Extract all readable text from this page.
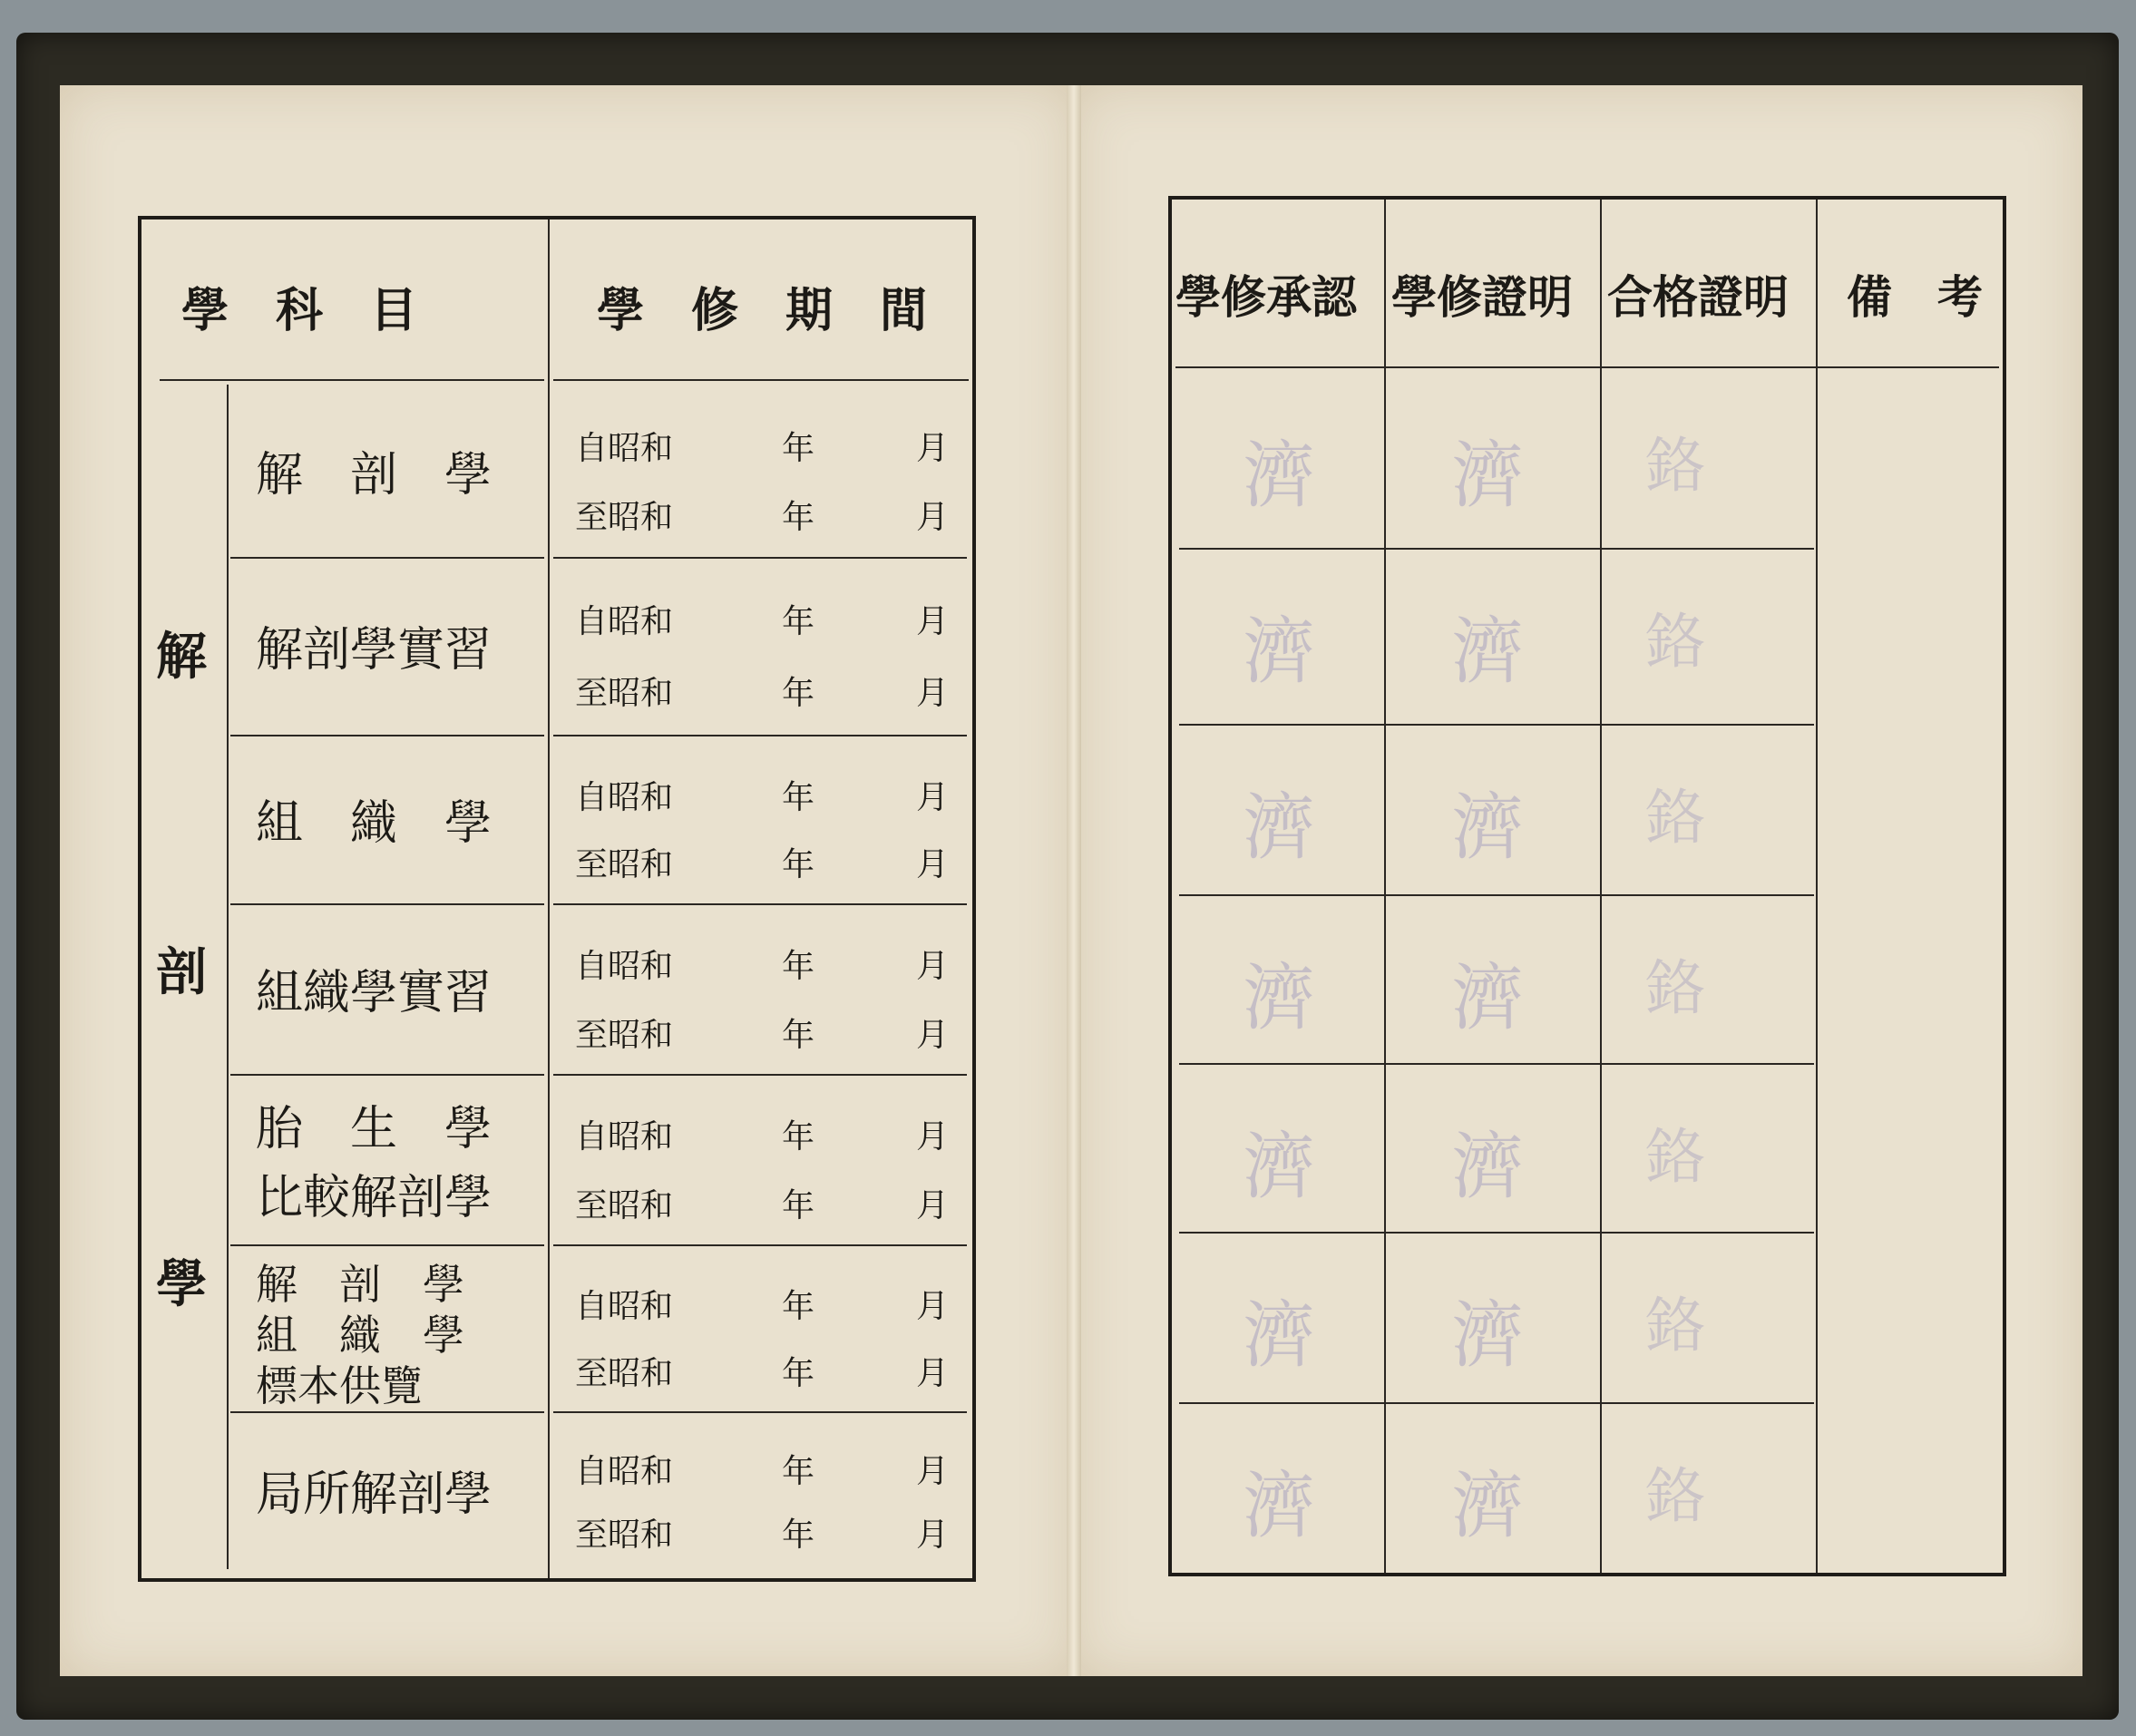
學　科　目	學　修　期　間
解
剖
學
解　剖　學	自昭和	年	月
至昭和	年	月
解剖學實習
自昭和	年	月
至昭和	年	月
組　織　學	自昭和	年	月
至昭和	年	月
組織學實習	自昭和	年	月
至昭和	年	月
胎　生　學
比較解剖學
自昭和	年	月
至昭和	年	月
解　剖　學
組　織　學
標本供覽
自昭和	年	月
至昭和	年	月
局所解剖學	自昭和	年	月
至昭和	年	月
學修承認 學修證明 合格證明 備　考
濟 濟 鉻
濟 濟 鉻
濟 濟 鉻
濟 濟 鉻
濟 濟 鉻
濟 濟 鉻
濟 濟 鉻
